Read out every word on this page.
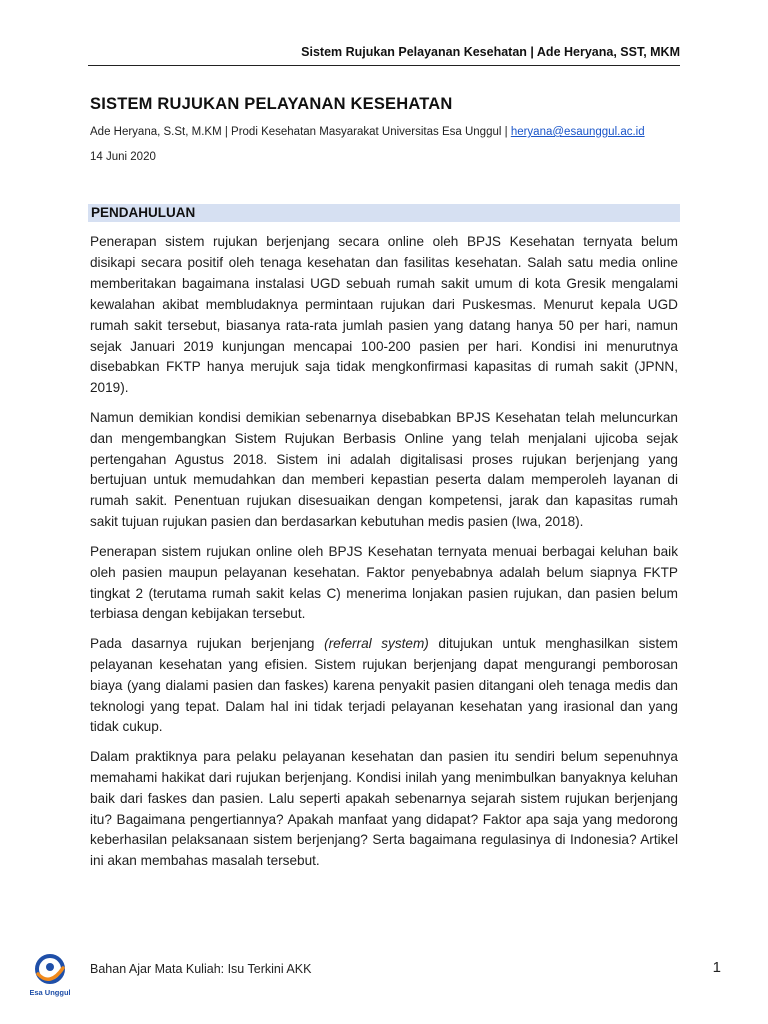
Sistem Rujukan Pelayanan Kesehatan | Ade Heryana, SST, MKM
SISTEM RUJUKAN PELAYANAN KESEHATAN
Ade Heryana, S.St, M.KM | Prodi Kesehatan Masyarakat Universitas Esa Unggul | heryana@esaunggul.ac.id
14 Juni 2020
PENDAHULUAN

Penerapan sistem rujukan berjenjang secara online oleh BPJS Kesehatan ternyata belum disikapi secara positif oleh tenaga kesehatan dan fasilitas kesehatan. Salah satu media online memberitakan bagaimana instalasi UGD sebuah rumah sakit umum di kota Gresik mengalami kewalahan akibat membludaknya permintaan rujukan dari Puskesmas. Menurut kepala UGD rumah sakit tersebut, biasanya rata-rata jumlah pasien yang datang hanya 50 per hari, namun sejak Januari 2019 kunjungan mencapai 100-200 pasien per hari. Kondisi ini menurutnya disebabkan FKTP hanya merujuk saja tidak mengkonfirmasi kapasitas di rumah sakit (JPNN, 2019).

Namun demikian kondisi demikian sebenarnya disebabkan BPJS Kesehatan telah meluncurkan dan mengembangkan Sistem Rujukan Berbasis Online yang telah menjalani ujicoba sejak pertengahan Agustus 2018. Sistem ini adalah digitalisasi proses rujukan berjenjang yang bertujuan untuk memudahkan dan memberi kepastian peserta dalam memperoleh layanan di rumah sakit. Penentuan rujukan disesuaikan dengan kompetensi, jarak dan kapasitas rumah sakit tujuan rujukan pasien dan berdasarkan kebutuhan medis pasien (Iwa, 2018).

Penerapan sistem rujukan online oleh BPJS Kesehatan ternyata menuai berbagai keluhan baik oleh pasien maupun pelayanan kesehatan. Faktor penyebabnya adalah belum siapnya FKTP tingkat 2 (terutama rumah sakit kelas C) menerima lonjakan pasien rujukan, dan pasien belum terbiasa dengan kebijakan tersebut.

Pada dasarnya rujukan berjenjang (referral system) ditujukan untuk menghasilkan sistem pelayanan kesehatan yang efisien. Sistem rujukan berjenjang dapat mengurangi pemborosan biaya (yang dialami pasien dan faskes) karena penyakit pasien ditangani oleh tenaga medis dan teknologi yang tepat. Dalam hal ini tidak terjadi pelayanan kesehatan yang irasional dan yang tidak cukup.

Dalam praktiknya para pelaku pelayanan kesehatan dan pasien itu sendiri belum sepenuhnya memahami hakikat dari rujukan berjenjang. Kondisi inilah yang menimbulkan banyaknya keluhan baik dari faskes dan pasien. Lalu seperti apakah sebenarnya sejarah sistem rujukan berjenjang itu? Bagaimana pengertiannya? Apakah manfaat yang didapat? Faktor apa saja yang medorong keberhasilan pelaksanaan sistem berjenjang? Serta bagaimana regulasinya di Indonesia? Artikel ini akan membahas masalah tersebut.

Esa Unggul
Bahan Ajar Mata Kuliah: Isu Terkini AKK	1
